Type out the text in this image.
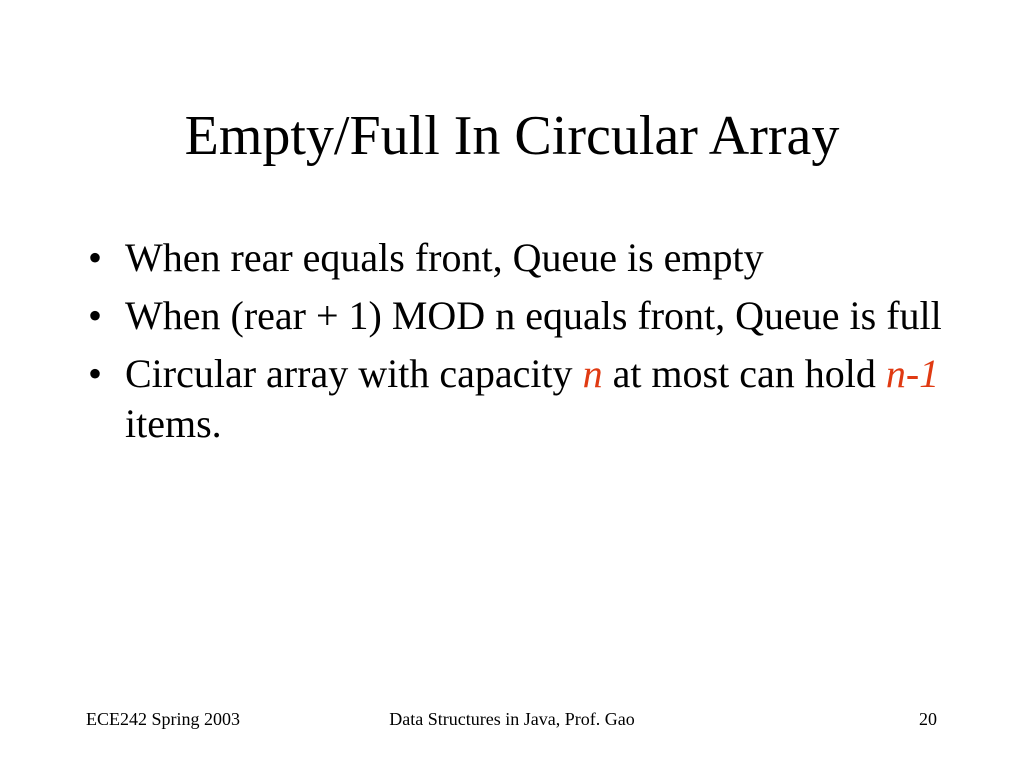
Empty/Full In Circular Array
• When rear equals front, Queue is empty
• When (rear + 1) MOD n equals front, Queue is full
• Circular array with capacity n at most can hold n-1 items.
ECE242 Spring 2003	Data Structures in Java, Prof. Gao	20
